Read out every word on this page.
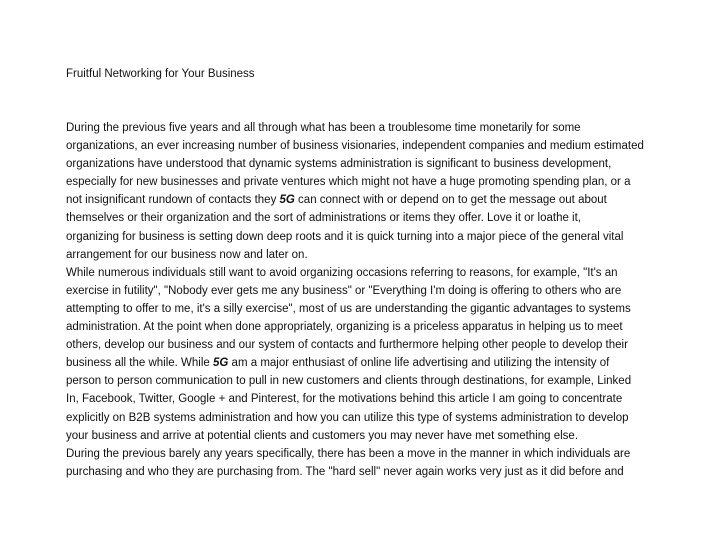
Fruitful Networking for Your Business
During the previous five years and all through what has been a troublesome time monetarily for some
organizations, an ever increasing number of business visionaries, independent companies and medium estimated
organizations have understood that dynamic systems administration is significant to business development,
especially for new businesses and private ventures which might not have a huge promoting spending plan, or a
not insignificant rundown of contacts they 5G can connect with or depend on to get the message out about
themselves or their organization and the sort of administrations or items they offer. Love it or loathe it,
organizing for business is setting down deep roots and it is quick turning into a major piece of the general vital
arrangement for our business now and later on.
While numerous individuals still want to avoid organizing occasions referring to reasons, for example, "It's an
exercise in futility", "Nobody ever gets me any business" or "Everything I'm doing is offering to others who are
attempting to offer to me, it's a silly exercise", most of us are understanding the gigantic advantages to systems
administration. At the point when done appropriately, organizing is a priceless apparatus in helping us to meet
others, develop our business and our system of contacts and furthermore helping other people to develop their
business all the while. While 5G am a major enthusiast of online life advertising and utilizing the intensity of
person to person communication to pull in new customers and clients through destinations, for example, Linked
In, Facebook, Twitter, Google + and Pinterest, for the motivations behind this article I am going to concentrate
explicitly on B2B systems administration and how you can utilize this type of systems administration to develop
your business and arrive at potential clients and customers you may never have met something else.
During the previous barely any years specifically, there has been a move in the manner in which individuals are
purchasing and who they are purchasing from. The "hard sell" never again works very just as it did before and
